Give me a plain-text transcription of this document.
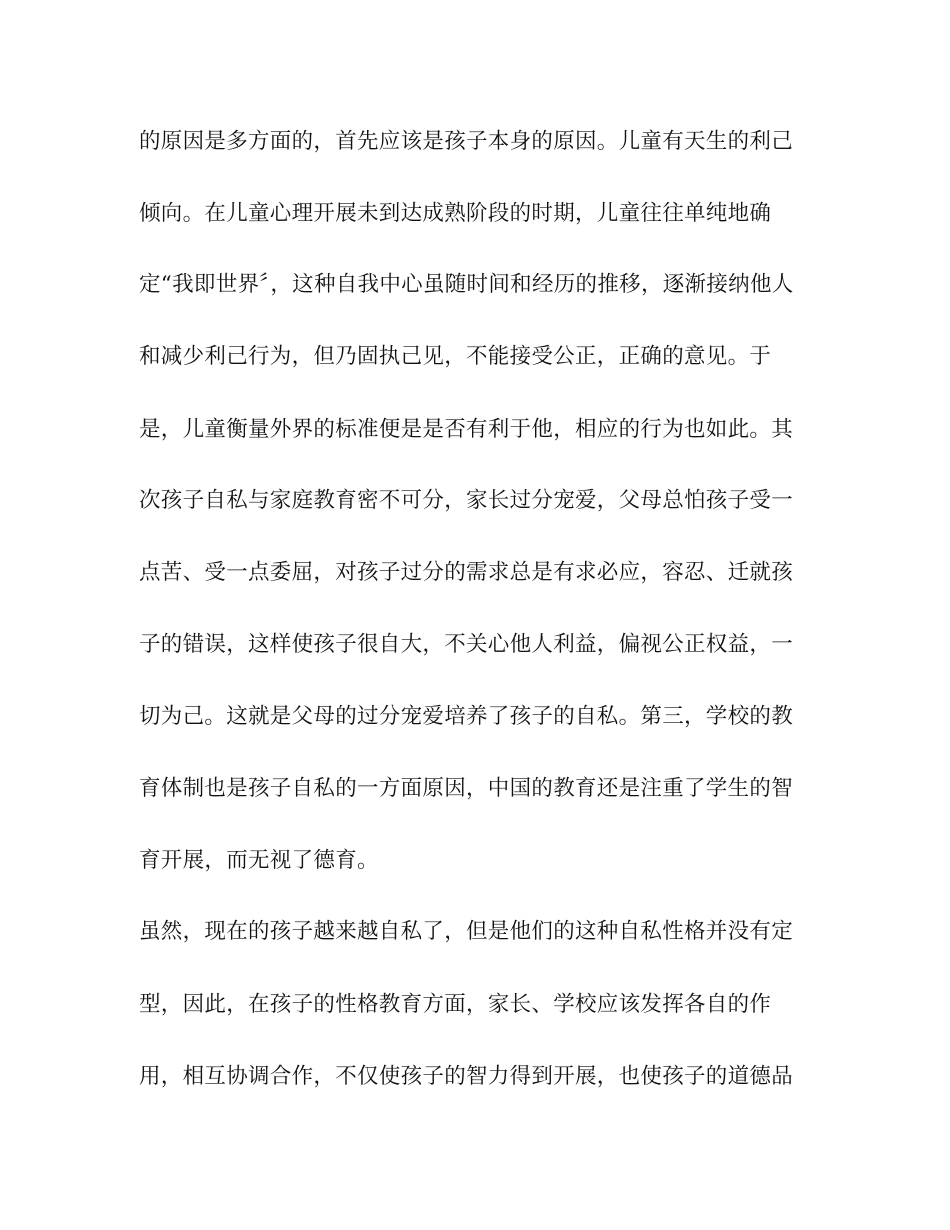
的原因是多方面的，首先应该是孩子本身的原因。儿童有天生的利己
倾向。在儿童心理开展未到达成熟阶段的时期，儿童往往单纯地确
定“我即世界〞，这种自我中心虽随时间和经历的推移，逐渐接纳他人
和减少利己行为，但乃固执己见，不能接受公正，正确的意见。于
是，儿童衡量外界的标准便是是否有利于他，相应的行为也如此。其
次孩子自私与家庭教育密不可分，家长过分宠爱，父母总怕孩子受一
点苦、受一点委屈，对孩子过分的需求总是有求必应，容忍、迁就孩
子的错误，这样使孩子很自大，不关心他人利益，偏视公正权益，一
切为己。这就是父母的过分宠爱培养了孩子的自私。第三，学校的教
育体制也是孩子自私的一方面原因，中国的教育还是注重了学生的智
育开展，而无视了德育。
虽然，现在的孩子越来越自私了，但是他们的这种自私性格并没有定
型，因此，在孩子的性格教育方面，家长、学校应该发挥各自的作
用，相互协调合作，不仅使孩子的智力得到开展，也使孩子的道德品
